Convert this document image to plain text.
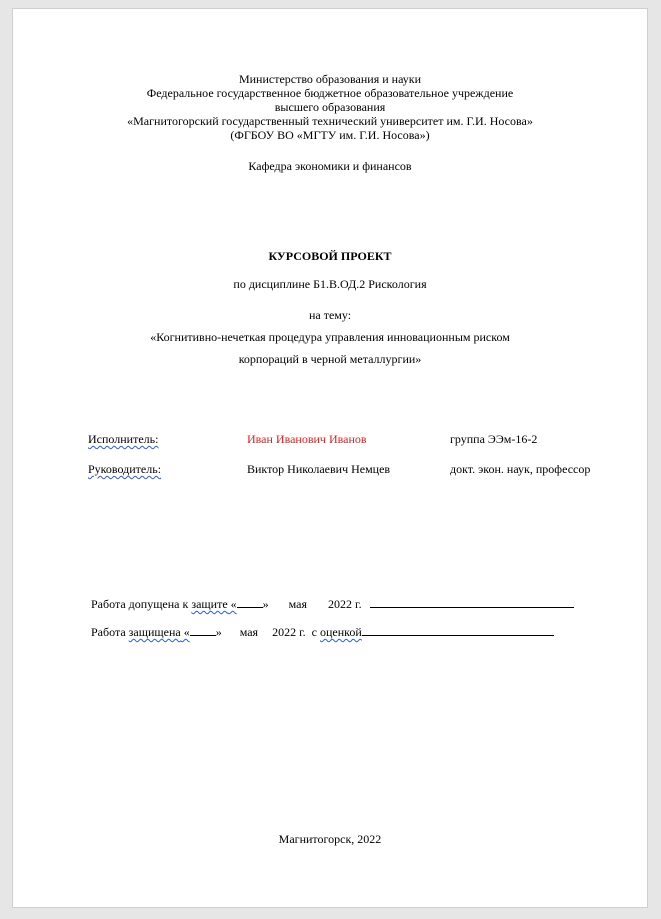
Министерство образования и науки
Федеральное государственное бюджетное образовательное учреждение
высшего образования
«Магнитогорский государственный технический университет им. Г.И. Носова»
(ФГБОУ ВО «МГТУ им. Г.И. Носова»)
Кафедра экономики и финансов
КУРСОВОЙ ПРОЕКТ
по дисциплине Б1.В.ОД.2 Рискология
на тему:
«Когнитивно-нечеткая процедура управления инновационным риском
корпораций в черной металлургии»
Исполнитель:	Иван Иванович Иванов	группа ЭЭм-16-2
Руководитель:	Виктор Николаевич Немцев	докт. экон. наук, профессор
Работа допущена к защите « » мая 2022 г.
Работа защищена « » мая 2022 г. с оценкой
Магнитогорск, 2022
